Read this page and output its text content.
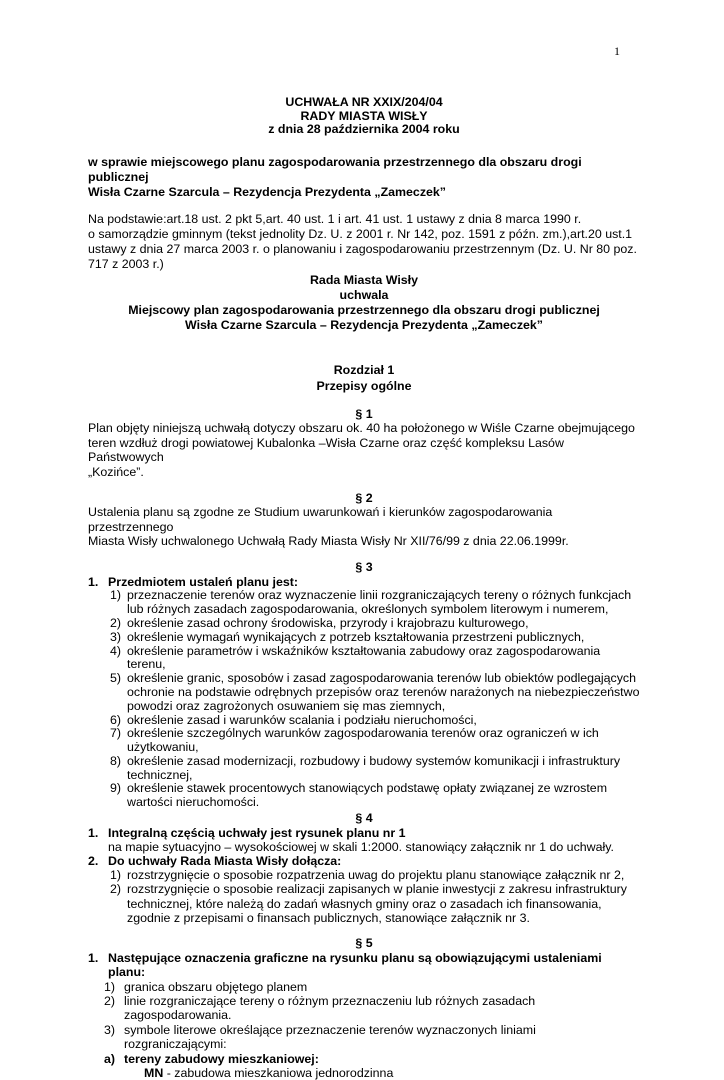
1
UCHWAŁA NR XXIX/204/04
RADY MIASTA WISŁY
z dnia 28 października 2004 roku
w sprawie miejscowego planu zagospodarowania przestrzennego dla obszaru drogi publicznej
Wisła Czarne Szarcula – Rezydencja Prezydenta „Zameczek”
Na podstawie:art.18 ust. 2 pkt 5,art. 40 ust. 1 i art. 41 ust. 1 ustawy z dnia 8 marca 1990 r.
o samorządzie gminnym (tekst jednolity Dz. U. z 2001 r. Nr 142, poz. 1591 z późn. zm.),art.20 ust.1
ustawy z dnia 27 marca 2003 r. o planowaniu i zagospodarowaniu przestrzennym (Dz. U. Nr 80 poz.
717 z 2003 r.)
Rada Miasta Wisły
uchwala
Miejscowy plan zagospodarowania przestrzennego dla obszaru drogi publicznej
Wisła Czarne Szarcula – Rezydencja Prezydenta „Zameczek”
Rozdział 1
Przepisy ogólne
§ 1
Plan objęty niniejszą uchwałą dotyczy obszaru ok. 40 ha położonego w Wiśle Czarne obejmującego
teren wzdłuż drogi powiatowej Kubalonka –Wisła Czarne oraz część kompleksu Lasów Państwowych
„Kozińce”.
§ 2
Ustalenia planu są zgodne ze Studium uwarunkowań i kierunków zagospodarowania przestrzennego
Miasta Wisły uchwalonego Uchwałą Rady Miasta Wisły Nr XII/76/99 z dnia 22.06.1999r.
§ 3
1. Przedmiotem ustaleń planu jest:
1) przeznaczenie terenów oraz wyznaczenie linii rozgraniczających tereny o różnych funkcjach
lub różnych zasadach zagospodarowania, określonych symbolem literowym i numerem,
2) określenie zasad ochrony środowiska, przyrody i krajobrazu kulturowego,
3) określenie wymagań wynikających z potrzeb kształtowania przestrzeni publicznych,
4) określenie parametrów i wskaźników kształtowania zabudowy oraz zagospodarowania terenu,
5) określenie granic, sposobów i zasad zagospodarowania terenów lub obiektów podlegających
ochronie na podstawie odrębnych przepisów oraz terenów narażonych na niebezpieczeństwo
powodzi oraz zagrożonych osuwaniem się mas ziemnych,
6) określenie zasad i warunków scalania i podziału nieruchomości,
7) określenie szczególnych warunków zagospodarowania terenów oraz ograniczeń w ich
użytkowaniu,
8) określenie zasad modernizacji, rozbudowy i budowy systemów komunikacji i infrastruktury
technicznej,
9) określenie stawek procentowych stanowiących podstawę opłaty związanej ze wzrostem
wartości nieruchomości.
§ 4
1. Integralną częścią uchwały jest rysunek planu nr 1
na mapie sytuacyjno – wysokościowej w skali 1:2000. stanowiący załącznik nr 1 do uchwały.
2. Do uchwały Rada Miasta Wisły dołącza:
1) rozstrzygnięcie o sposobie rozpatrzenia uwag do projektu planu stanowiące załącznik nr 2,
2) rozstrzygnięcie o sposobie realizacji zapisanych w planie inwestycji z zakresu infrastruktury
technicznej, które należą do zadań własnych gminy oraz o zasadach ich finansowania,
zgodnie z przepisami o finansach publicznych, stanowiące załącznik nr 3.
§ 5
1. Następujące oznaczenia graficzne na rysunku planu są obowiązującymi ustaleniami planu:
1) granica obszaru objętego planem
2) linie rozgraniczające tereny o różnym przeznaczeniu lub różnych zasadach zagospodarowania.
3) symbole literowe określające przeznaczenie terenów wyznaczonych liniami rozgraniczającymi:
a) tereny zabudowy mieszkaniowej:
MN - zabudowa mieszkaniowa jednorodzinna
